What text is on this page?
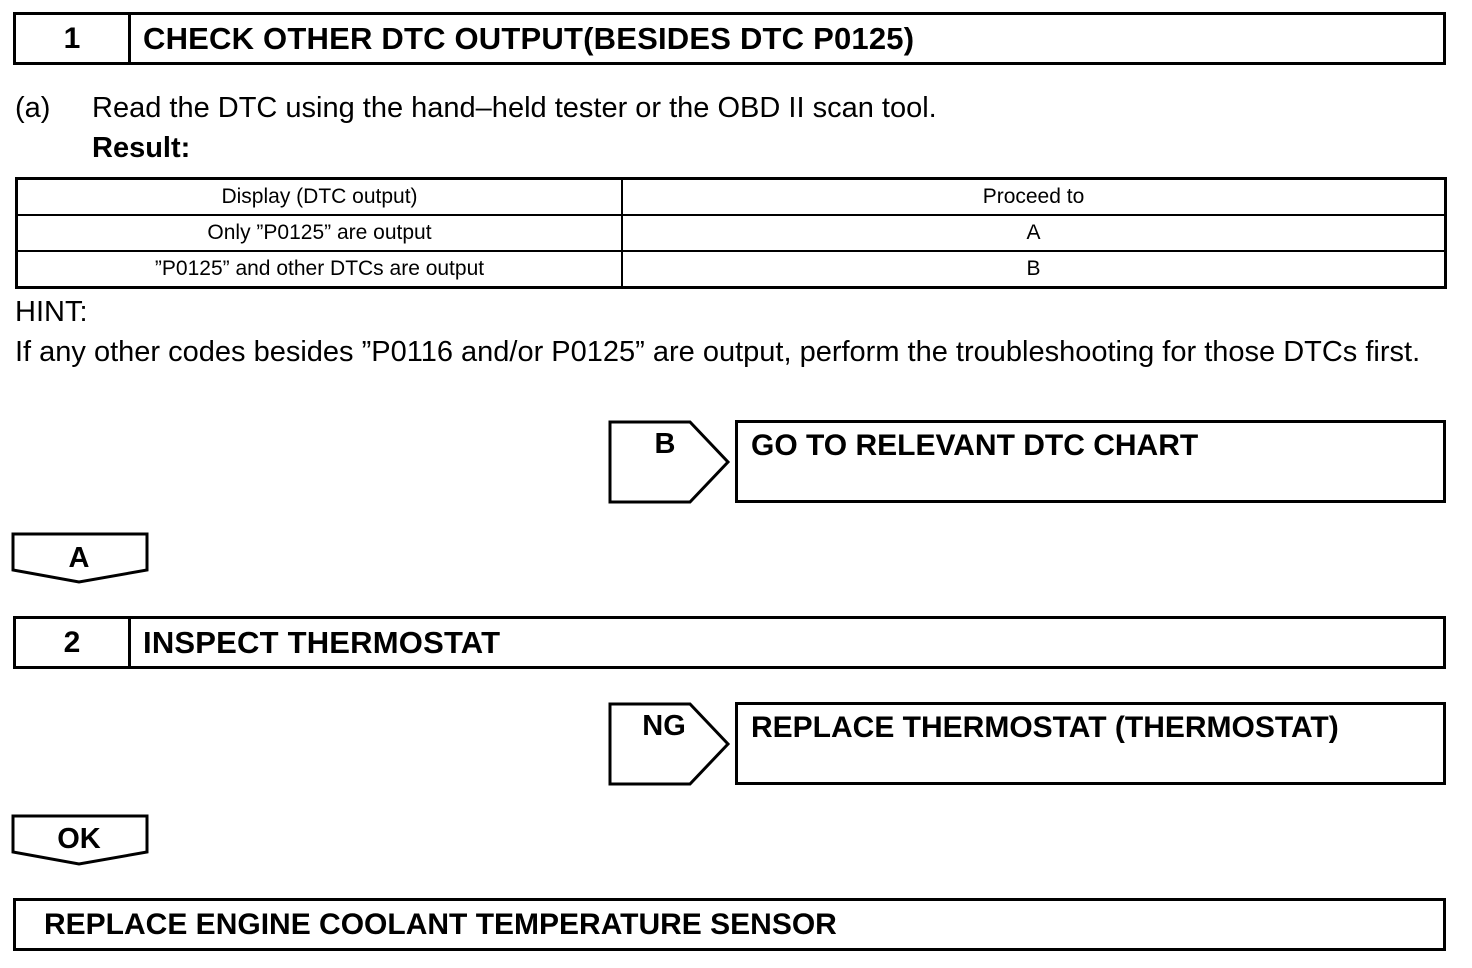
1	CHECK OTHER DTC OUTPUT(BESIDES DTC P0125)
(a) Read the DTC using the hand–held tester or the OBD II scan tool.
Result:
Display (DTC output)	Proceed to
Only ”P0125” are output	A
”P0125” and other DTCs are output	B
HINT:
If any other codes besides ”P0116 and/or P0125” are output, perform the troubleshooting for those DTCs first.
B	GO TO RELEVANT DTC CHART
A
2	INSPECT THERMOSTAT
NG	REPLACE THERMOSTAT (THERMOSTAT)
OK
REPLACE ENGINE COOLANT TEMPERATURE SENSOR
